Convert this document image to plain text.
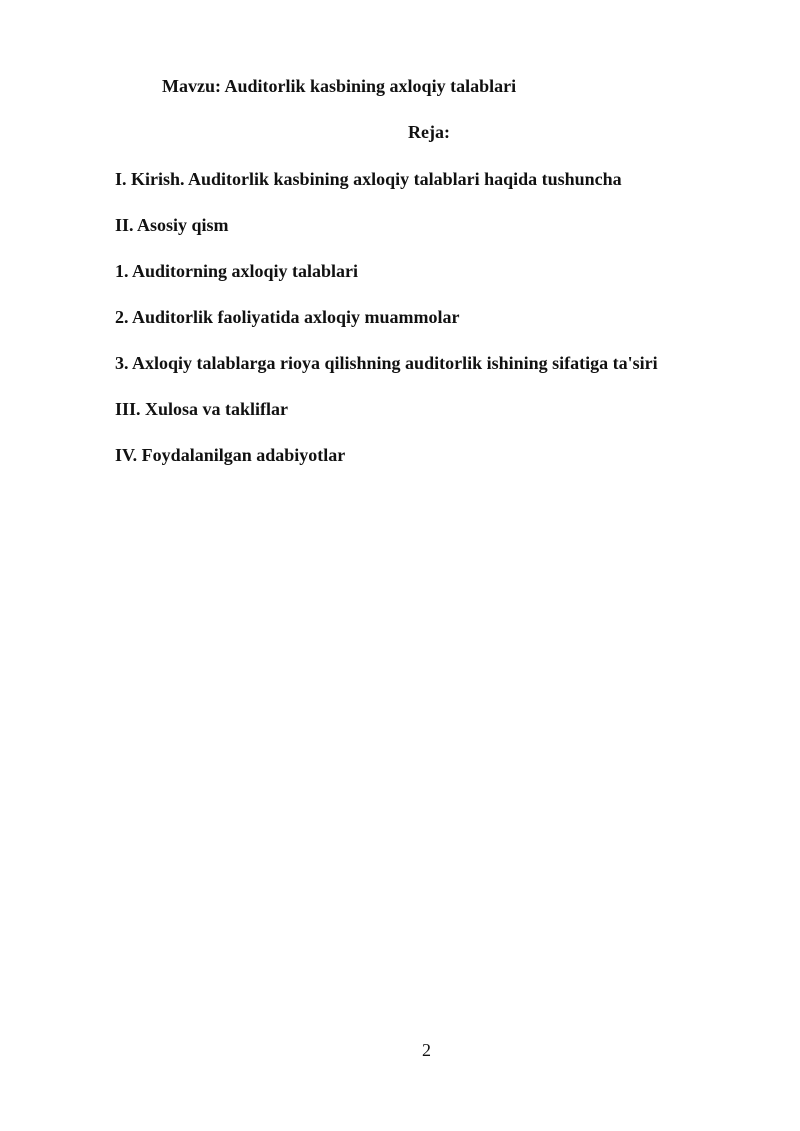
Mavzu: Auditorlik kasbining axloqiy talablari
Reja:
I. Kirish. Auditorlik kasbining axloqiy talablari haqida tushuncha
II. Asosiy qism
1. Auditorning axloqiy talablari
2. Auditorlik faoliyatida axloqiy muammolar
3. Axloqiy talablarga rioya qilishning auditorlik ishining sifatiga ta'siri
III. Xulosa va takliflar
IV. Foydalanilgan adabiyotlar
2
